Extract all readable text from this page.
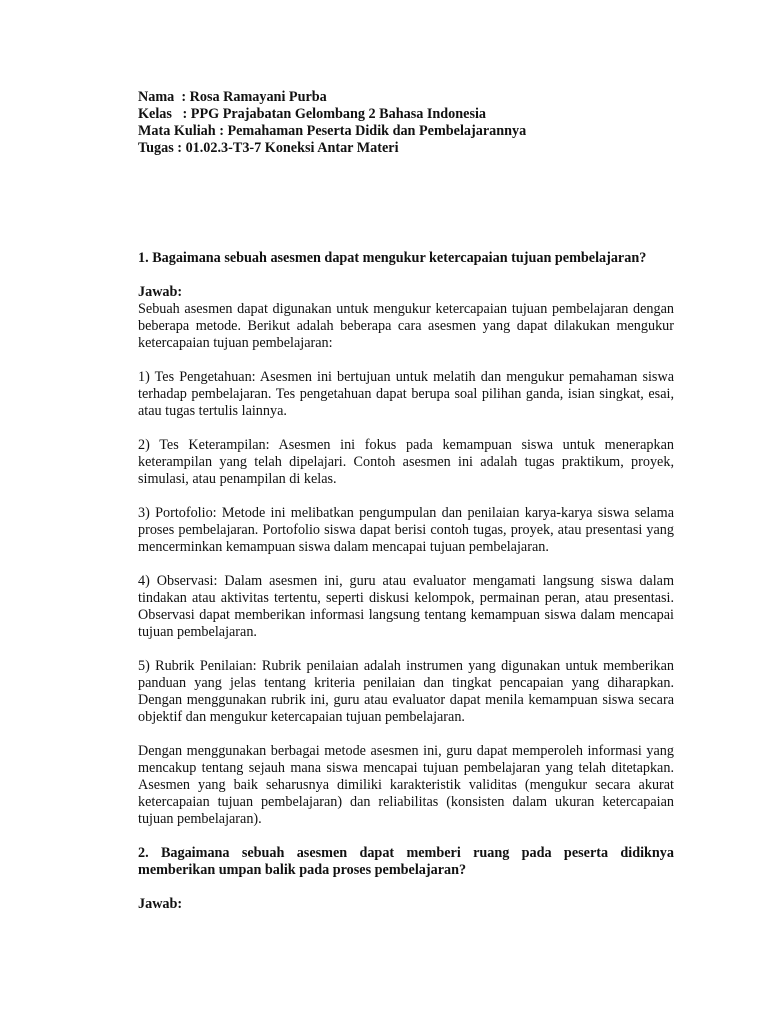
Nama  : Rosa Ramayani Purba
Kelas   : PPG Prajabatan Gelombang 2 Bahasa Indonesia
Mata Kuliah : Pemahaman Peserta Didik dan Pembelajarannya
Tugas : 01.02.3-T3-7 Koneksi Antar Materi

1. Bagaimana sebuah asesmen dapat mengukur ketercapaian tujuan pembelajaran?

Jawab:

Sebuah asesmen dapat digunakan untuk mengukur ketercapaian tujuan pembelajaran dengan beberapa metode. Berikut adalah beberapa cara asesmen yang dapat dilakukan mengukur ketercapaian tujuan pembelajaran:

1) Tes Pengetahuan: Asesmen ini bertujuan untuk melatih dan mengukur pemahaman siswa terhadap pembelajaran. Tes pengetahuan dapat berupa soal pilihan ganda, isian singkat, esai, atau tugas tertulis lainnya.

2) Tes Keterampilan: Asesmen ini fokus pada kemampuan siswa untuk menerapkan keterampilan yang telah dipelajari. Contoh asesmen ini adalah tugas praktikum, proyek, simulasi, atau penampilan di kelas.

3) Portofolio: Metode ini melibatkan pengumpulan dan penilaian karya-karya siswa selama proses pembelajaran. Portofolio siswa dapat berisi contoh tugas, proyek, atau presentasi yang mencerminkan kemampuan siswa dalam mencapai tujuan pembelajaran.

4) Observasi: Dalam asesmen ini, guru atau evaluator mengamati langsung siswa dalam tindakan atau aktivitas tertentu, seperti diskusi kelompok, permainan peran, atau presentasi. Observasi dapat memberikan informasi langsung tentang kemampuan siswa dalam mencapai tujuan pembelajaran.

5) Rubrik Penilaian: Rubrik penilaian adalah instrumen yang digunakan untuk memberikan panduan yang jelas tentang kriteria penilaian dan tingkat pencapaian yang diharapkan. Dengan menggunakan rubrik ini, guru atau evaluator dapat menila kemampuan siswa secara objektif dan mengukur ketercapaian tujuan pembelajaran.

Dengan menggunakan berbagai metode asesmen ini, guru dapat memperoleh informasi yang mencakup tentang sejauh mana siswa mencapai tujuan pembelajaran yang telah ditetapkan. Asesmen yang baik seharusnya dimiliki karakteristik validitas (mengukur secara akurat ketercapaian tujuan pembelajaran) dan reliabilitas (konsisten dalam ukuran ketercapaian tujuan pembelajaran).

2. Bagaimana sebuah asesmen dapat memberi ruang pada peserta didiknya memberikan umpan balik pada proses pembelajaran?

Jawab:
